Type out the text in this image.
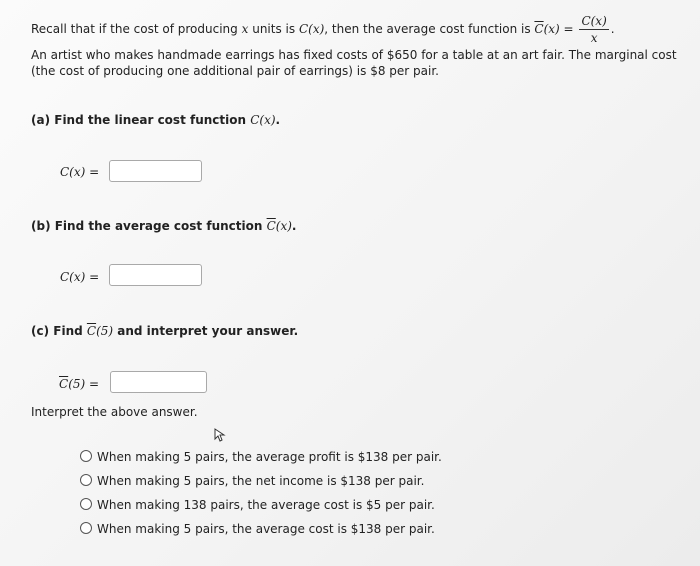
Recall that if the cost of producing x units is C(x), then the average cost function is $\overline{C}(x) = \frac{C(x)}{x}$ .
An artist who makes handmade earrings has fixed costs of $650 for a table at an art fair. The marginal cost
(the cost of producing one additional pair of earrings) is $8 per pair.
(a) Find the linear cost function C(x).
C(x) =
(b) Find the average cost function $\overline{C}(x)$.
C(x) =
(c) Find $\overline{C}(5)$ and interpret your answer.
$\overline{C}(5)$ =
Interpret the above answer.
When making 5 pairs, the average profit is $138 per pair.
When making 5 pairs, the net income is $138 per pair.
When making 138 pairs, the average cost is $5 per pair.
When making 5 pairs, the average cost is $138 per pair.
